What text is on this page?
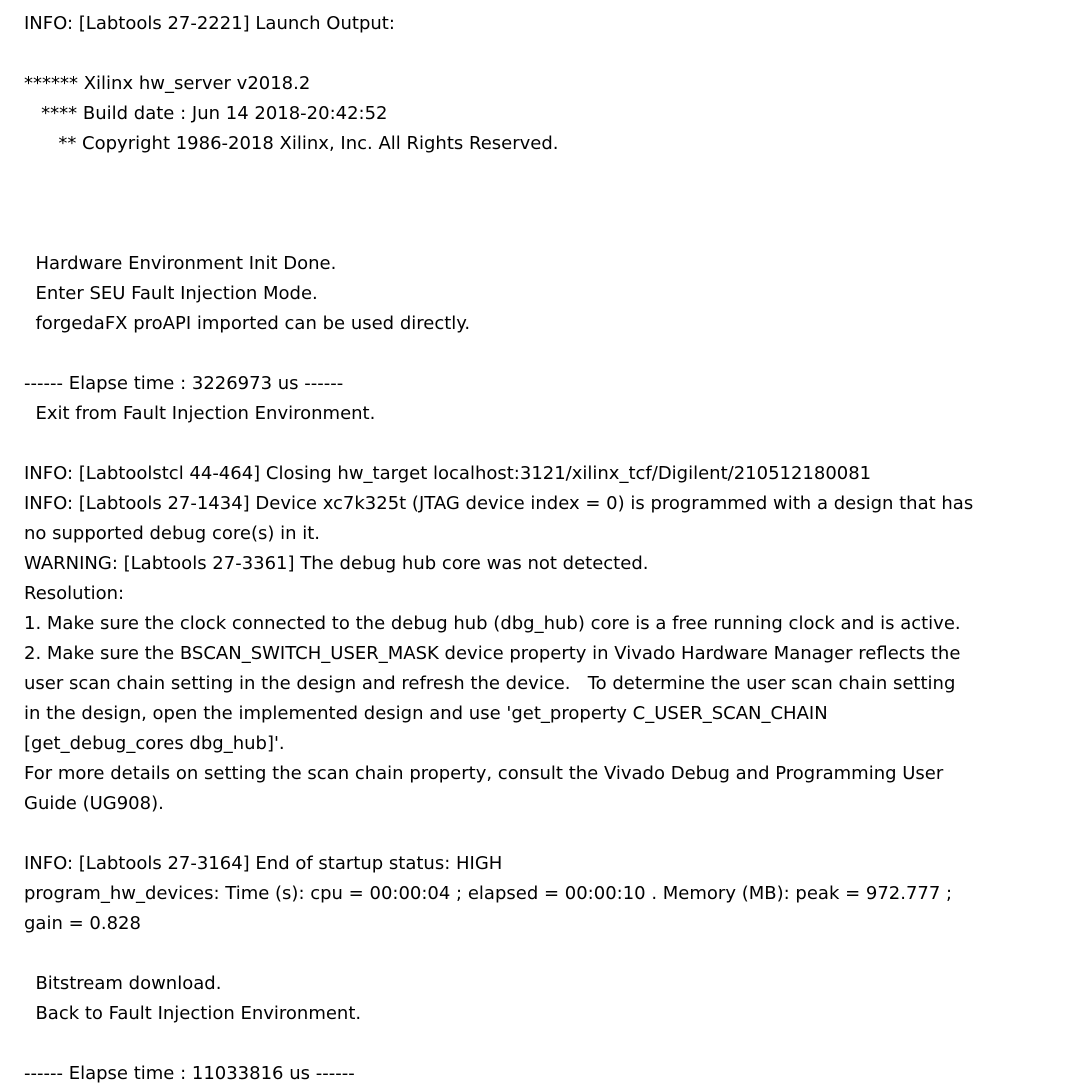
INFO: [Labtools 27-2221] Launch Output:
****** Xilinx hw_server v2018.2
**** Build date : Jun 14 2018-20:42:52
** Copyright 1986-2018 Xilinx, Inc. All Rights Reserved.
Hardware Environment Init Done.
Enter SEU Fault Injection Mode.
forgedaFX proAPI imported can be used directly.
------ Elapse time : 3226973 us ------
Exit from Fault Injection Environment.
INFO: [Labtoolstcl 44-464] Closing hw_target localhost:3121/xilinx_tcf/Digilent/210512180081
INFO: [Labtools 27-1434] Device xc7k325t (JTAG device index = 0) is programmed with a design that has
no supported debug core(s) in it.
WARNING: [Labtools 27-3361] The debug hub core was not detected.
Resolution:
1. Make sure the clock connected to the debug hub (dbg_hub) core is a free running clock and is active.
2. Make sure the BSCAN_SWITCH_USER_MASK device property in Vivado Hardware Manager reflects the
user scan chain setting in the design and refresh the device.   To determine the user scan chain setting
in the design, open the implemented design and use 'get_property C_USER_SCAN_CHAIN
[get_debug_cores dbg_hub]'.
For more details on setting the scan chain property, consult the Vivado Debug and Programming User
Guide (UG908).
INFO: [Labtools 27-3164] End of startup status: HIGH
program_hw_devices: Time (s): cpu = 00:00:04 ; elapsed = 00:00:10 . Memory (MB): peak = 972.777 ;
gain = 0.828
Bitstream download.
Back to Fault Injection Environment.
------ Elapse time : 11033816 us ------
